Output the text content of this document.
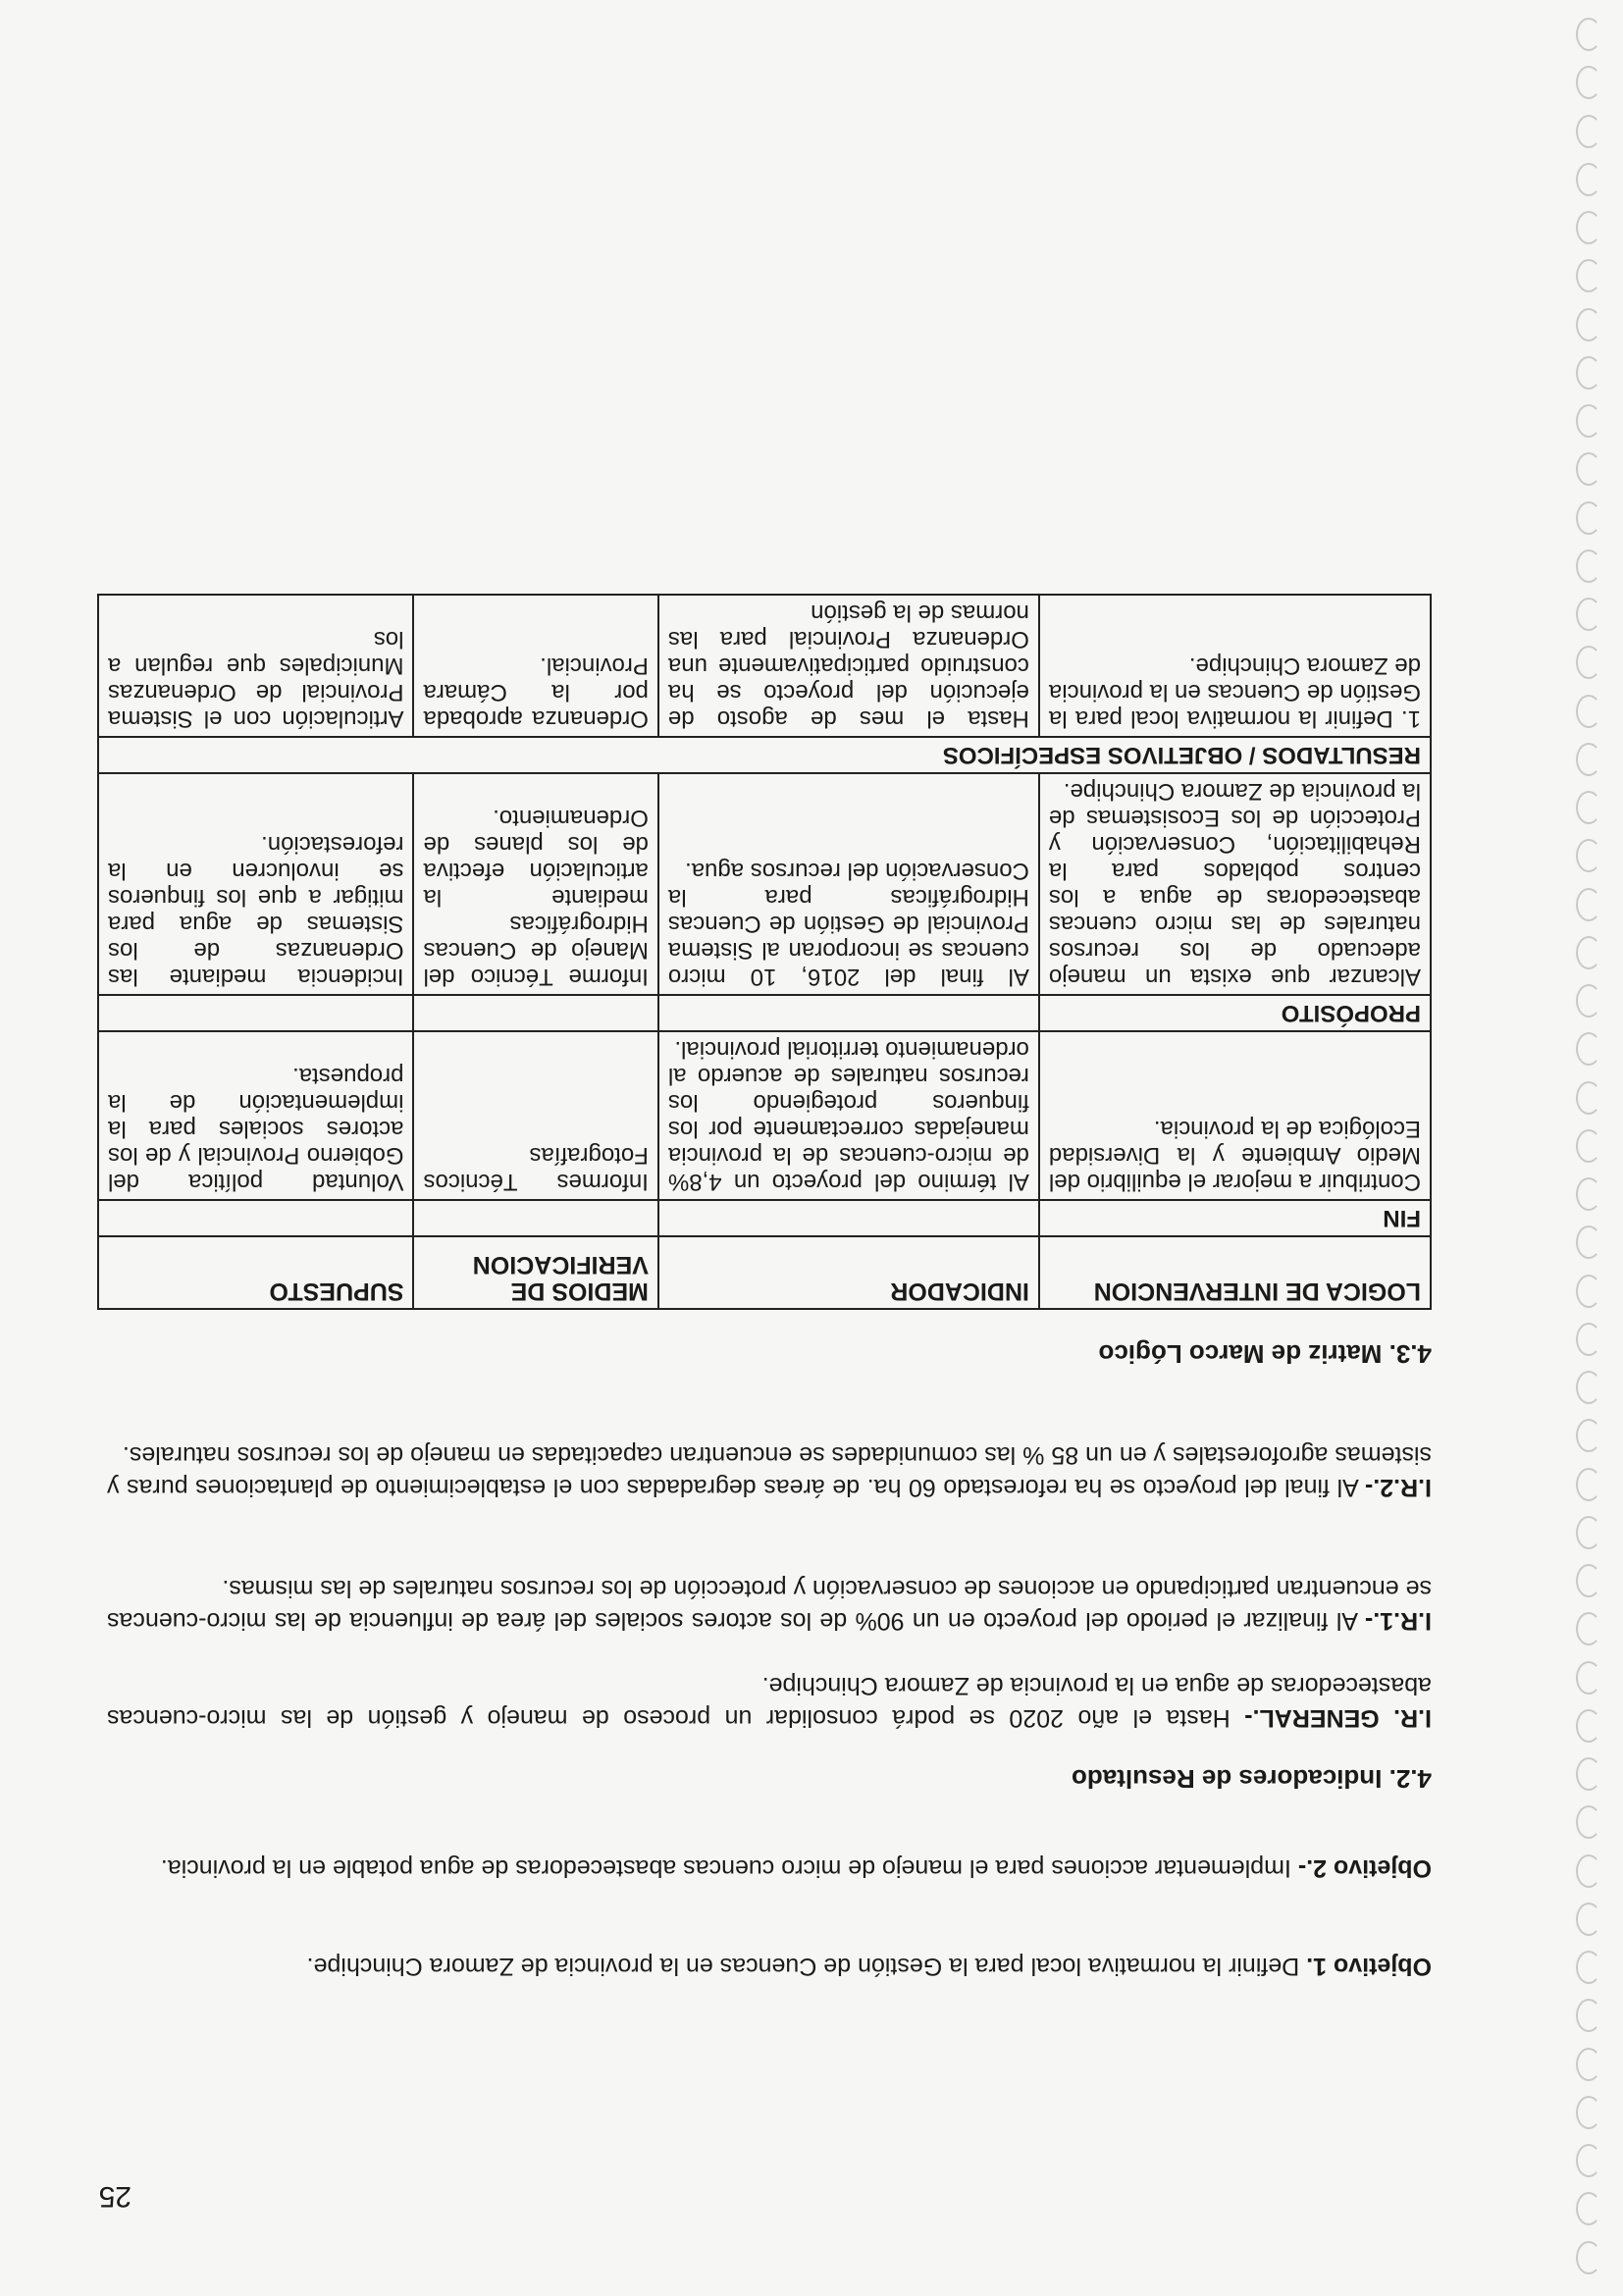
25
Objetivo 1. Definir la normativa local para la Gestión de Cuencas en la provincia de Zamora Chinchipe.
Objetivo 2.- Implementar acciones para el manejo de micro cuencas abastecedoras de agua potable en la provincia.
4.2. Indicadores de Resultado
I.R. GENERAL.- Hasta el año 2020 se podrá consolidar un proceso de manejo y gestión de las micro-cuencas abastecedoras de agua en la provincia de Zamora Chinchipe.
I.R.1.- Al finalizar el periodo del proyecto en un 90% de los actores sociales del área de influencia de las micro-cuencas se encuentran participando en acciones de conservación y protección de los recursos naturales de las mismas.
I.R.2.- Al final del proyecto se ha reforestado 60 ha. de áreas degradadas con el establecimiento de plantaciones puras y sistemas agroforestales y en un 85 % las comunidades se encuentran capacitadas en manejo de los recursos naturales.
4.3. Matriz de Marco Lógico
LOGICA DE INTERVENCION	INDICADOR	MEDIOS DE VERIFICACION	SUPUESTO
FIN			
Contribuir a mejorar el equilibrio del Medio Ambiente y la Diversidad Ecológica de la provincia.	Al término del proyecto un 4,8% de micro-cuencas de la provincia manejadas correctamente por los finqueros protegiendo los recursos naturales de acuerdo al ordenamiento territorial provincial.	Informes Técnicos Fotografías	Voluntad política del Gobierno Provincial y de los actores sociales para la implementación de la propuesta.
PROPÓSITO			
Alcanzar que exista un manejo adecuado de los recursos naturales de las micro cuencas abastecedoras de agua a los centros poblados para la Rehabilitación, Conservación y Protección de los Ecosistemas de la provincia de Zamora Chinchipe.	Al final del 2016, 10 micro cuencas se incorporan al Sistema Provincial de Gestión de Cuencas Hidrográficas para la Conservación del recursos agua.	Informe Técnico del Manejo de Cuencas Hidrográficas mediante la articulación efectiva de los planes de Ordenamiento.	Incidencia mediante las Ordenanzas de los Sistemas de agua para mitigar a que los finqueros se involucren en la reforestación.
RESULTADOS / OBJETIVOS ESPECÍFICOS			
1. Definir la normativa local para la Gestión de Cuencas en la provincia de Zamora Chinchipe.	Hasta el mes de agosto de ejecución del proyecto se ha construido participativamente una Ordenanza Provincial para las normas de la gestión	Ordenanza aprobada por la Cámara Provincial.	Articulación con el Sistema Provincial de Ordenanzas Municipales que regulan a los
